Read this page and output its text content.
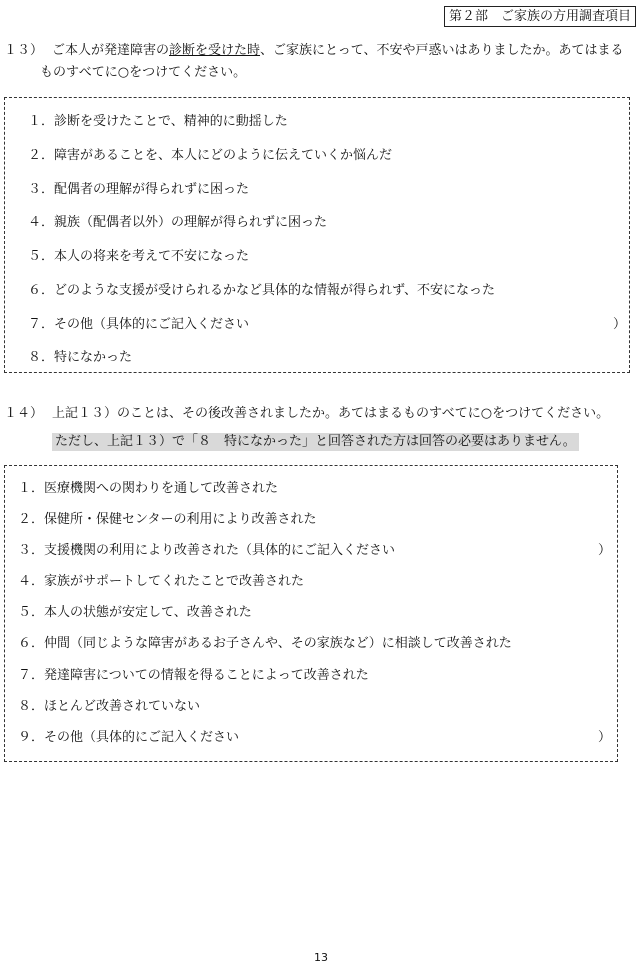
第２部　ご家族の方用調査項目
１３） ご本人が発達障害の診断を受けた時、ご家族にとって、不安や戸惑いはありましたか。あてはまる
ものすべてに○をつけてください。
１．診断を受けたことで、精神的に動揺した
２．障害があることを、本人にどのように伝えていくか悩んだ
３．配偶者の理解が得られずに困った
４．親族（配偶者以外）の理解が得られずに困った
５．本人の将来を考えて不安になった
６．どのような支援が受けられるかなど具体的な情報が得られず、不安になった
７．その他（具体的にご記入ください	）
８．特になかった
１４） 上記１３）のことは、その後改善されましたか。あてはまるものすべてに○をつけてください。
ただし、上記１３）で「８　特になかった」と回答された方は回答の必要はありません。
１．医療機関への関わりを通して改善された
２．保健所・保健センターの利用により改善された
３．支援機関の利用により改善された（具体的にご記入ください	）
４．家族がサポートしてくれたことで改善された
５．本人の状態が安定して、改善された
６．仲間（同じような障害があるお子さんや、その家族など）に相談して改善された
７．発達障害についての情報を得ることによって改善された
８．ほとんど改善されていない
９．その他（具体的にご記入ください	）
13
